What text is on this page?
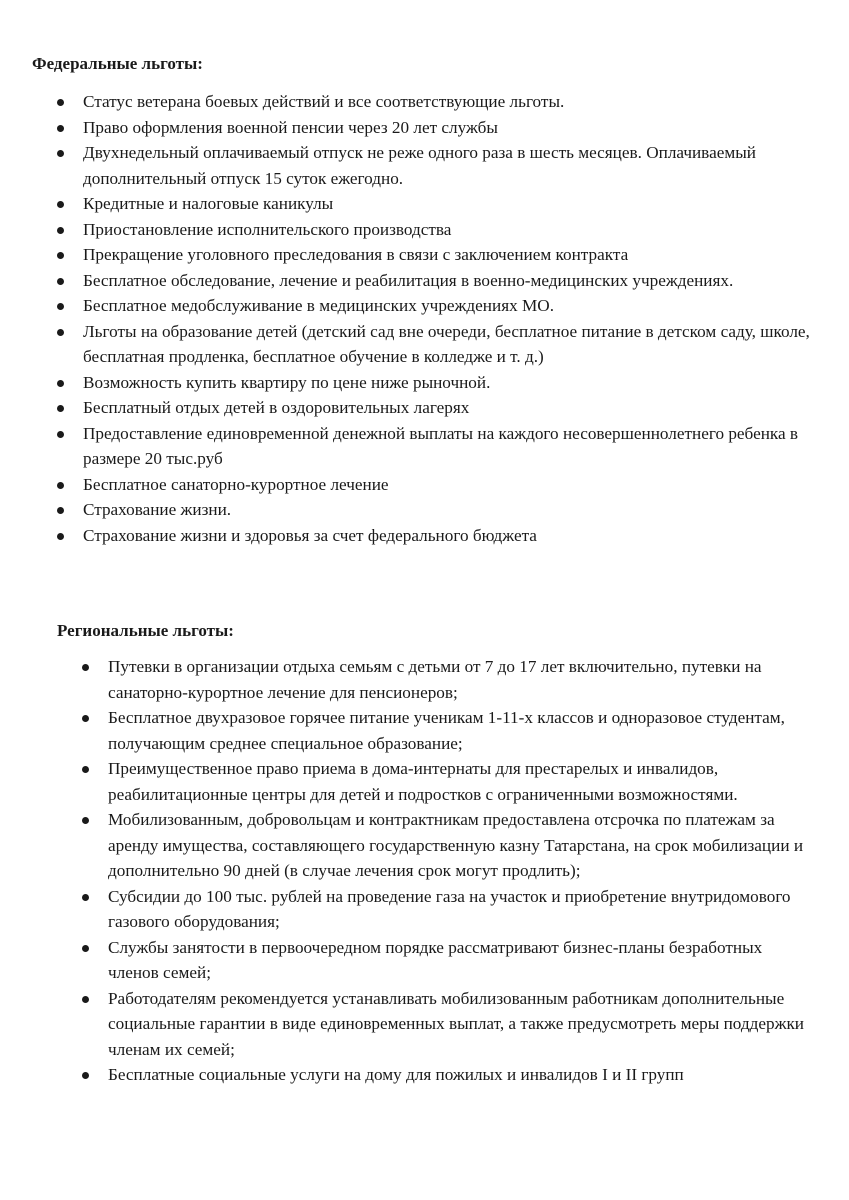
Федеральные льготы:
Статус ветерана боевых действий и все соответствующие льготы.
Право оформления военной пенсии через 20 лет службы
Двухнедельный оплачиваемый отпуск не реже одного раза в шесть месяцев. Оплачиваемый дополнительный отпуск 15 суток ежегодно.
Кредитные и налоговые каникулы
Приостановление исполнительского производства
Прекращение уголовного преследования в связи с заключением контракта
Бесплатное обследование, лечение и реабилитация в военно-медицинских учреждениях.
Бесплатное медобслуживание в медицинских учреждениях МО.
Льготы на образование детей (детский сад вне очереди, бесплатное питание в детском саду, школе, бесплатная продленка, бесплатное обучение в колледже и т. д.)
Возможность купить квартиру по цене ниже рыночной.
Бесплатный отдых детей в оздоровительных лагерях
Предоставление единовременной денежной выплаты на каждого несовершеннолетнего ребенка в размере 20 тыс.руб
Бесплатное санаторно-курортное лечение
Страхование жизни.
Страхование жизни и здоровья за счет федерального бюджета
Региональные льготы:
Путевки в организации отдыха семьям с детьми от 7 до 17 лет включительно, путевки на санаторно-курортное лечение для пенсионеров;
Бесплатное двухразовое горячее питание ученикам 1-11-х классов и одноразовое студентам, получающим среднее специальное образование;
Преимущественное право приема в дома-интернаты для престарелых и инвалидов, реабилитационные центры для детей и подростков с ограниченными возможностями.
Мобилизованным, добровольцам и контрактникам предоставлена отсрочка по платежам за аренду имущества, составляющего государственную казну Татарстана, на срок мобилизации и дополнительно 90 дней (в случае лечения срок могут продлить);
Субсидии до 100 тыс. рублей на проведение газа на участок и приобретение внутридомового газового оборудования;
Службы занятости в первоочередном порядке рассматривают бизнес-планы безработных членов семей;
Работодателям рекомендуется устанавливать мобилизованным работникам дополнительные социальные гарантии в виде единовременных выплат, а также предусмотреть меры поддержки членам их семей;
Бесплатные социальные услуги на дому для пожилых и инвалидов I и II групп
